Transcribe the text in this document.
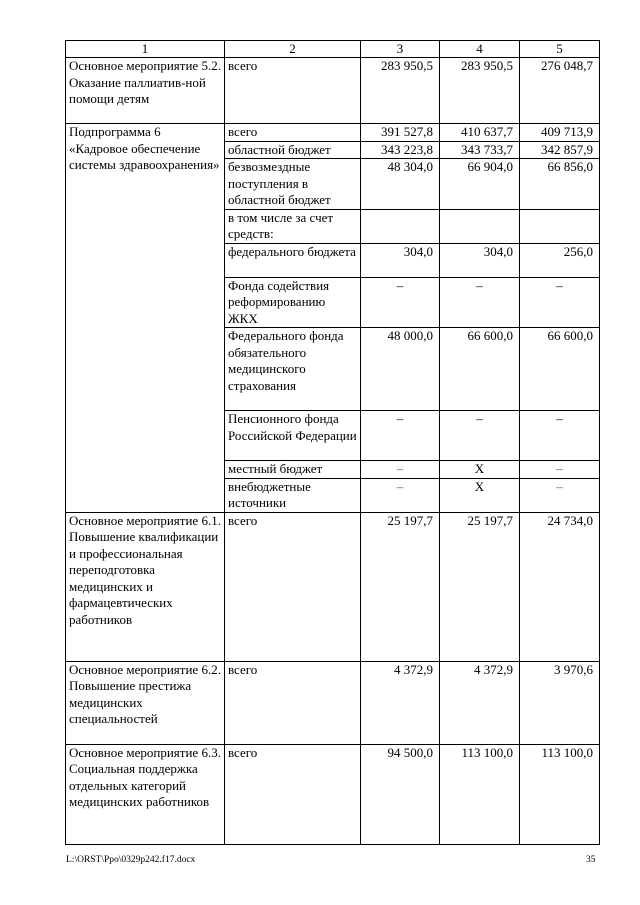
1	2	3	4	5
Основное мероприятие 5.2. Оказание паллиатив-ной помощи детям	всего	283 950,5	283 950,5	276 048,7
Подпрограмма 6 «Кадровое обеспечение системы здравоохранения»	всего	391 527,8	410 637,7	409 713,9
	областной бюджет	343 223,8	343 733,7	342 857,9
	безвозмездные поступления в областной бюджет	48 304,0	66 904,0	66 856,0
	в том числе за счет средств:			
	федерального бюджета	304,0	304,0	256,0
	Фонда содействия реформированию ЖКХ	–	–	–
	Федерального фонда обязательного медицинского страхования	48 000,0	66 600,0	66 600,0
	Пенсионного фонда Российской Федерации	–	–	–
	местный бюджет	–	Х	–
	внебюджетные источники	–	Х	–
Основное мероприятие 6.1. Повышение квалификации и профессиональная переподготовка медицинских и фармацевтических работников	всего	25 197,7	25 197,7	24 734,0
Основное мероприятие 6.2. Повышение престижа медицинских специальностей	всего	4 372,9	4 372,9	3 970,6
Основное мероприятие 6.3. Социальная поддержка отдельных категорий медицинских работников	всего	94 500,0	113 100,0	113 100,0
L:\ORST\Ppo\0329p242.f17.docx	35
